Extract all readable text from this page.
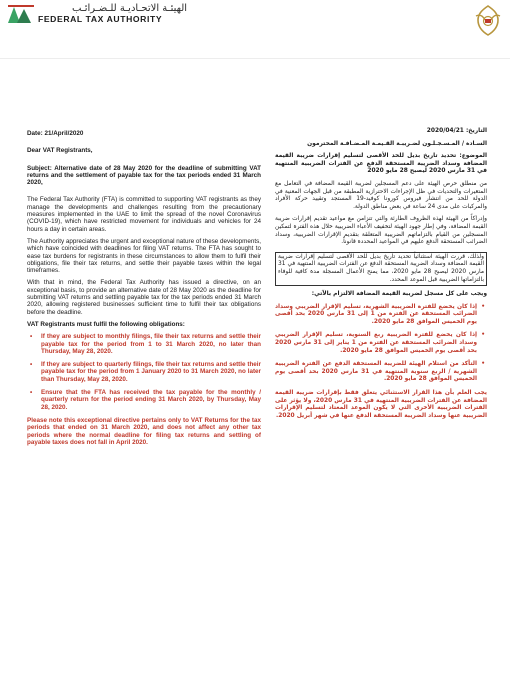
الهيئـة الاتحـاديـة للـضـرائـب
FEDERAL TAX AUTHORITY

Date: 21/April/2020

Dear VAT Registrants,

Subject: Alternative date of 28 May 2020 for the deadline of submitting VAT returns and the settlement of payable tax for the tax periods ended 31 March 2020,

The Federal Tax Authority (FTA) is committed to supporting VAT registrants as they manage the developments and challenges resulting from the precautionary measures implemented in the UAE to limit the spread of the novel Coronavirus (COVID-19), which have restricted movement for individuals and vehicles for 24 hours a day in certain areas.

The Authority appreciates the urgent and exceptional nature of these developments, which have coincided with deadlines for filing VAT returns. The FTA has sought to ease tax burdens for registrants in these circumstances to allow them to fulfil their obligations, file their tax returns, and settle their payable taxes within the legal timeframes.

With that in mind, the Federal Tax Authority has issued a directive, on an exceptional basis, to provide an alternative date of 28 May 2020 as the deadline for submitting VAT returns and settling payable tax for the tax periods ended 31 March 2020, allowing registered businesses sufficient time to fulfil their tax obligations before the deadline.

VAT Registrants must fulfil the following obligations:

• If they are subject to monthly filings, file their tax returns and settle their payable tax for the period from 1 to 31 March 2020, no later than Thursday, May 28, 2020.
• If they are subject to quarterly filings, file their tax returns and settle their payable tax for the period from 1 January 2020 to 31 March 2020, no later than Thursday, May 28, 2020.
• Ensure that the FTA has received the tax payable for the monthly / quarterly return for the period ending 31 March 2020, by Thursday, May 28, 2020.

Please note this exceptional directive pertains only to VAT Returns for the tax periods that ended on 31 March 2020, and does not affect any other tax periods where the normal deadline for filing tax returns and settling of payable taxes does not fall in April 2020.

التاريخ: 2020/04/21

السـادة / المـسـجـلـون لضـريبـة القـيمـة المـضـافـة المحترمون

الموضوع: تحديد تاريخ بديل للحد الأقصى لتسليم إقرارات ضريبة القيمة المضافة وسداد الضريبة المستحقة الدفع عن الفترات الضريبية المنتهية في 31 مارس 2020 ليصبح 28 مايو 2020

من منطلق حرص الهيئة على دعم المسجلين لضريبة القيمة المضافة في التعامل مع المتغيرات والتحديات في ظل الإجراءات الاحترازية المطبقة من قبل الجهات المعنية في الدولة للحد من انتشار فيروس كورونا كوفيد-19 المستجد وتقييد حركة الأفراد والمركبات على مدى 24 ساعة في بعض مناطق الدولة.

وإدراكاً من الهيئة لهذه الظروف الطارئة والتي تتزامن مع مواعيد تقديم إقرارات ضريبة القيمة المضافة، وفي إطار جهود الهيئة لتخفيف الأعباء الضريبية خلال هذه الفترة لتمكين المسجلين من القيام بالتزاماتهم الضريبية المتعلقة بتقديم الإقرارات الضريبية، وسداد الضرائب المستحقة الدفع عليهم في المواعيد المحددة قانوناً.

ولذلك، قررت الهيئة استثنائياً تحديد تاريخ بديل للحد الأقصى لتسليم إقرارات ضريبة القيمة المضافة وسداد الضريبة المستحقة الدفع عن الفترات الضريبية المنتهية في 31 مارس 2020 ليصبح 28 مايو 2020، مما يمنح الأعمال المسجلة مدة كافية للوفاء بالتزاماتها الضريبية قبل الموعد المحدد.

ويجب على كل مسجل لضريبة القيمة المضافة الالتزام بالآتي:

• إذا كان يخضع للفترة الضريبية الشهرية، تسليم الإقرار الضريبي وسداد الضرائب المستحقة عن الفترة من 1 إلى 31 مارس 2020 بحد أقصى يوم الخميس الموافق 28 مايو 2020.
• إذا كان يخضع للفترة الضريبية ربع السنوية، تسليم الإقرار الضريبي وسداد الضرائب المستحقة عن الفترة من 1 يناير إلى 31 مارس 2020 بحد أقصى يوم الخميس الموافق 28 مايو 2020.
• التأكد من استلام الهيئة للضريبة المستحقة الدفع عن الفترة الضريبية الشهرية / الربع سنوية المنتهية في 31 مارس 2020 بحد أقصى يوم الخميس الموافق 28 مايو 2020.

يجب العلم بأن هذا القرار الاستثنائي يتعلق فقط بإقرارات ضريبة القيمة المضافة عن الفترات الضريبية المنتهية في 31 مارس 2020، ولا يؤثر على الفترات الضريبية الأخرى التي لا يكون الموعد المعتاد لتسليم الإقرارات الضريبية عنها وسداد الضريبة المستحقة الدفع عنها في شهر أبريل 2020.
